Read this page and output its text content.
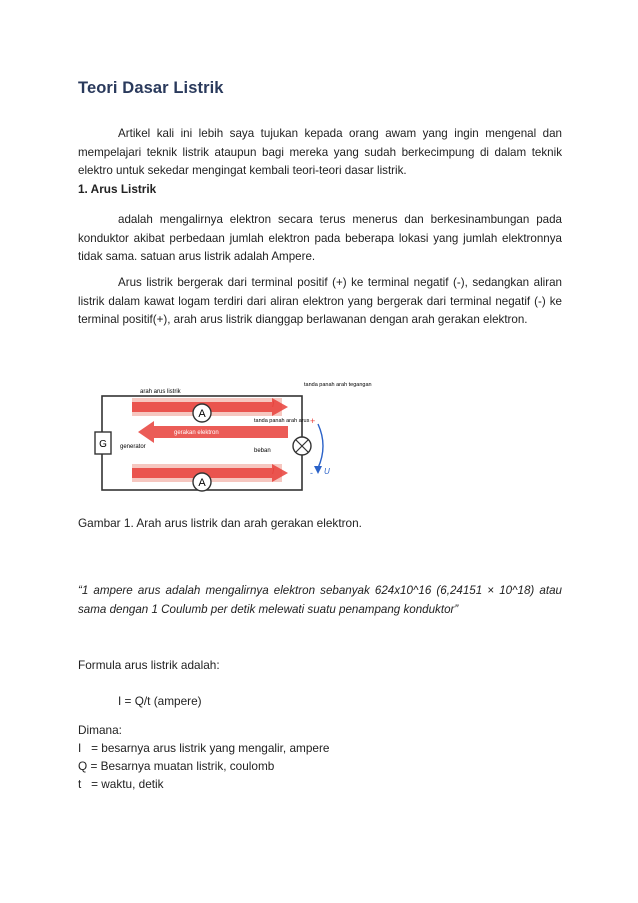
Teori Dasar Listrik
Artikel kali ini lebih saya tujukan kepada orang awam yang ingin mengenal dan mempelajari teknik listrik ataupun bagi mereka yang sudah berkecimpung di dalam teknik elektro untuk sekedar mengingat kembali teori-teori dasar listrik.
1. Arus Listrik
adalah mengalirnya elektron secara terus menerus dan berkesinambungan pada konduktor akibat perbedaan jumlah elektron pada beberapa lokasi yang jumlah elektronnya tidak sama. satuan arus listrik adalah Ampere.
Arus listrik bergerak dari terminal positif (+) ke terminal negatif (-), sedangkan aliran listrik dalam kawat logam terdiri dari aliran elektron yang bergerak dari terminal negatif (-) ke terminal positif(+), arah arus listrik dianggap berlawanan dengan arah gerakan elektron.
A
A
G generator
beban
arah arus listrik
gerakan elektron
tanda panah arah arus
tanda panah arah tegangan
I
I	U
+
-
Gambar 1. Arah arus listrik dan arah gerakan elektron.
“1 ampere arus adalah mengalirnya elektron sebanyak 624x10^16 (6,24151 × 10^18) atau sama dengan 1 Coulumb per detik melewati suatu penampang konduktor”
Formula arus listrik adalah:
I = Q/t (ampere)
Dimana:
I   = besarnya arus listrik yang mengalir, ampere
Q = Besarnya muatan listrik, coulomb
t   = waktu, detik
